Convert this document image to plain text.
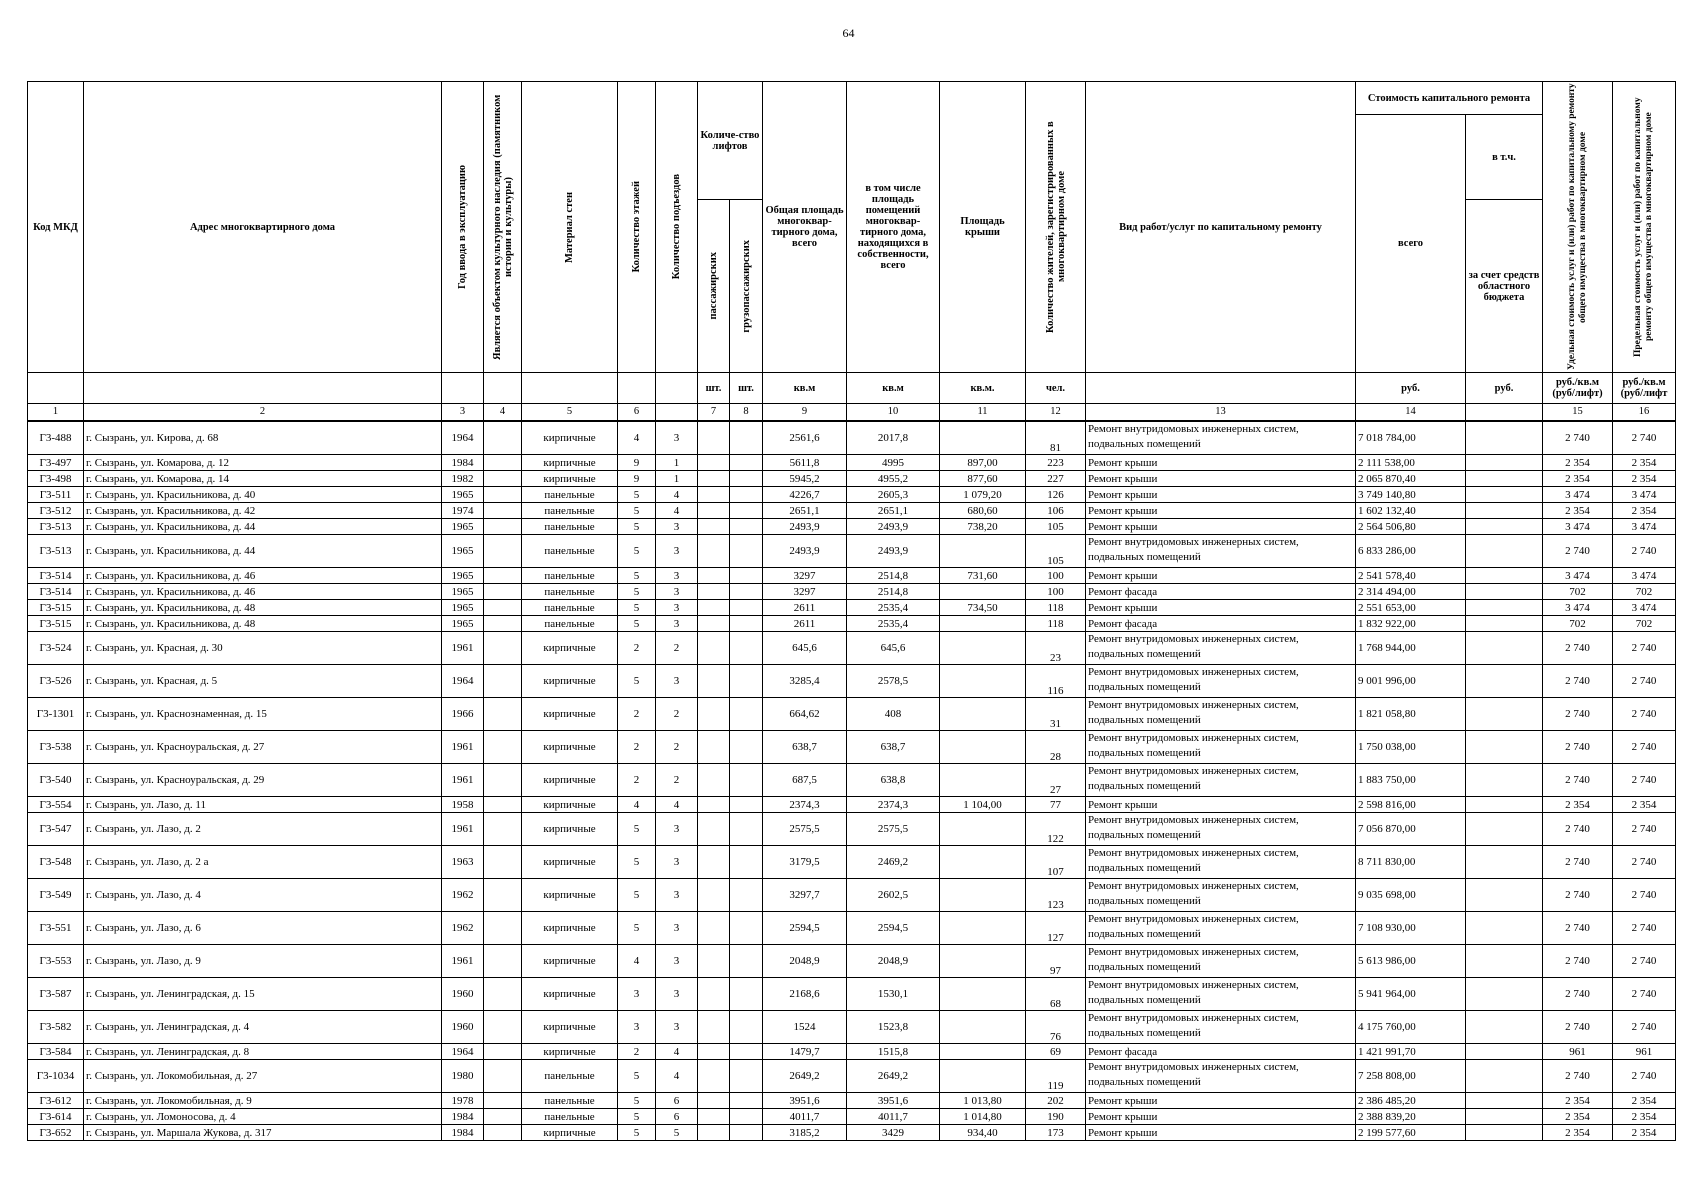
64
Код МКД	Адрес многоквартирного дома	Год ввода в эксплуатацию	Является объектом культурного наследия (памятником истории и культуры)	Материал стен	Количество этажей	Количество подъездов	Количе-ство лифтов		Общая площадь многоквар-тирного дома, всего	в том числе площадь помещений многоквар-тирного дома, находящихся в собственности, всего	Площадь крыши	Количество жителей, зарегистрированных в многоквартирном доме	Вид работ/услуг по капитальному ремонту	Стоимость капитального ремонта		Удельная стоимость услуг и (или) работ по капитальному ремонту общего имущества в многоквартирном доме	Предельная стоимость услуг и (или) работ по капитальному ремонту общего имущества в многоквартирном доме

														всего	в т.ч.		

							пассажирских	грузопассажирских							за счет средств областного бюджета		
							шт.	шт.	кв.м	кв.м	кв.м.	чел.		руб.	руб.	руб./кв.м (руб/лифт)	руб./кв.м (руб/лифт
1	2	3	4	5	6		7	8	9	10	11	12	13	14		15	16
Г3-488	г. Сызрань, ул. Кирова, д. 68	1964		кирпичные	4	3			2561,6	2017,8		81	Ремонт внутридомовых инженерных систем, подвальных помещений	7 018 784,00		2 740	2 740
Г3-497	г. Сызрань, ул. Комарова, д. 12	1984		кирпичные	9	1			5611,8	4995	897,00	223	Ремонт крыши	2 111 538,00		2 354	2 354
Г3-498	г. Сызрань, ул. Комарова, д. 14	1982		кирпичные	9	1			5945,2	4955,2	877,60	227	Ремонт крыши	2 065 870,40		2 354	2 354
Г3-511	г. Сызрань, ул. Красильникова, д. 40	1965		панельные	5	4			4226,7	2605,3	1 079,20	126	Ремонт крыши	3 749 140,80		3 474	3 474
Г3-512	г. Сызрань, ул. Красильникова, д. 42	1974		панельные	5	4			2651,1	2651,1	680,60	106	Ремонт крыши	1 602 132,40		2 354	2 354
Г3-513	г. Сызрань, ул. Красильникова, д. 44	1965		панельные	5	3			2493,9	2493,9	738,20	105	Ремонт крыши	2 564 506,80		3 474	3 474
Г3-513	г. Сызрань, ул. Красильникова, д. 44	1965		панельные	5	3			2493,9	2493,9		105	Ремонт внутридомовых инженерных систем, подвальных помещений	6 833 286,00		2 740	2 740
Г3-514	г. Сызрань, ул. Красильникова, д. 46	1965		панельные	5	3			3297	2514,8	731,60	100	Ремонт крыши	2 541 578,40		3 474	3 474
Г3-514	г. Сызрань, ул. Красильникова, д. 46	1965		панельные	5	3			3297	2514,8		100	Ремонт фасада	2 314 494,00		702	702
Г3-515	г. Сызрань, ул. Красильникова, д. 48	1965		панельные	5	3			2611	2535,4	734,50	118	Ремонт крыши	2 551 653,00		3 474	3 474
Г3-515	г. Сызрань, ул. Красильникова, д. 48	1965		панельные	5	3			2611	2535,4		118	Ремонт фасада	1 832 922,00		702	702
Г3-524	г. Сызрань, ул. Красная, д. 30	1961		кирпичные	2	2			645,6	645,6		23	Ремонт внутридомовых инженерных систем, подвальных помещений	1 768 944,00		2 740	2 740
Г3-526	г. Сызрань, ул. Красная, д. 5	1964		кирпичные	5	3			3285,4	2578,5		116	Ремонт внутридомовых инженерных систем, подвальных помещений	9 001 996,00		2 740	2 740
Г3-1301	г. Сызрань, ул. Краснознаменная, д. 15	1966		кирпичные	2	2			664,62	408		31	Ремонт внутридомовых инженерных систем, подвальных помещений	1 821 058,80		2 740	2 740
Г3-538	г. Сызрань, ул. Красноуральская, д. 27	1961		кирпичные	2	2			638,7	638,7		28	Ремонт внутридомовых инженерных систем, подвальных помещений	1 750 038,00		2 740	2 740
Г3-540	г. Сызрань, ул. Красноуральская, д. 29	1961		кирпичные	2	2			687,5	638,8		27	Ремонт внутридомовых инженерных систем, подвальных помещений	1 883 750,00		2 740	2 740
Г3-554	г. Сызрань, ул. Лазо, д. 11	1958		кирпичные	4	4			2374,3	2374,3	1 104,00	77	Ремонт крыши	2 598 816,00		2 354	2 354
Г3-547	г. Сызрань, ул. Лазо, д. 2	1961		кирпичные	5	3			2575,5	2575,5		122	Ремонт внутридомовых инженерных систем, подвальных помещений	7 056 870,00		2 740	2 740
Г3-548	г. Сызрань, ул. Лазо, д. 2 а	1963		кирпичные	5	3			3179,5	2469,2		107	Ремонт внутридомовых инженерных систем, подвальных помещений	8 711 830,00		2 740	2 740
Г3-549	г. Сызрань, ул. Лазо, д. 4	1962		кирпичные	5	3			3297,7	2602,5		123	Ремонт внутридомовых инженерных систем, подвальных помещений	9 035 698,00		2 740	2 740
Г3-551	г. Сызрань, ул. Лазо, д. 6	1962		кирпичные	5	3			2594,5	2594,5		127	Ремонт внутридомовых инженерных систем, подвальных помещений	7 108 930,00		2 740	2 740
Г3-553	г. Сызрань, ул. Лазо, д. 9	1961		кирпичные	4	3			2048,9	2048,9		97	Ремонт внутридомовых инженерных систем, подвальных помещений	5 613 986,00		2 740	2 740
Г3-587	г. Сызрань, ул. Ленинградская, д. 15	1960		кирпичные	3	3			2168,6	1530,1		68	Ремонт внутридомовых инженерных систем, подвальных помещений	5 941 964,00		2 740	2 740
Г3-582	г. Сызрань, ул. Ленинградская, д. 4	1960		кирпичные	3	3			1524	1523,8		76	Ремонт внутридомовых инженерных систем, подвальных помещений	4 175 760,00		2 740	2 740
Г3-584	г. Сызрань, ул. Ленинградская, д. 8	1964		кирпичные	2	4			1479,7	1515,8		69	Ремонт фасада	1 421 991,70		961	961
Г3-1034	г. Сызрань, ул. Локомобильная, д. 27	1980		панельные	5	4			2649,2	2649,2		119	Ремонт внутридомовых инженерных систем, подвальных помещений	7 258 808,00		2 740	2 740
Г3-612	г. Сызрань, ул. Локомобильная, д. 9	1978		панельные	5	6			3951,6	3951,6	1 013,80	202	Ремонт крыши	2 386 485,20		2 354	2 354
Г3-614	г. Сызрань, ул. Ломоносова, д. 4	1984		панельные	5	6			4011,7	4011,7	1 014,80	190	Ремонт крыши	2 388 839,20		2 354	2 354
Г3-652	г. Сызрань, ул. Маршала Жукова, д. 317	1984		кирпичные	5	5			3185,2	3429	934,40	173	Ремонт крыши	2 199 577,60		2 354	2 354
